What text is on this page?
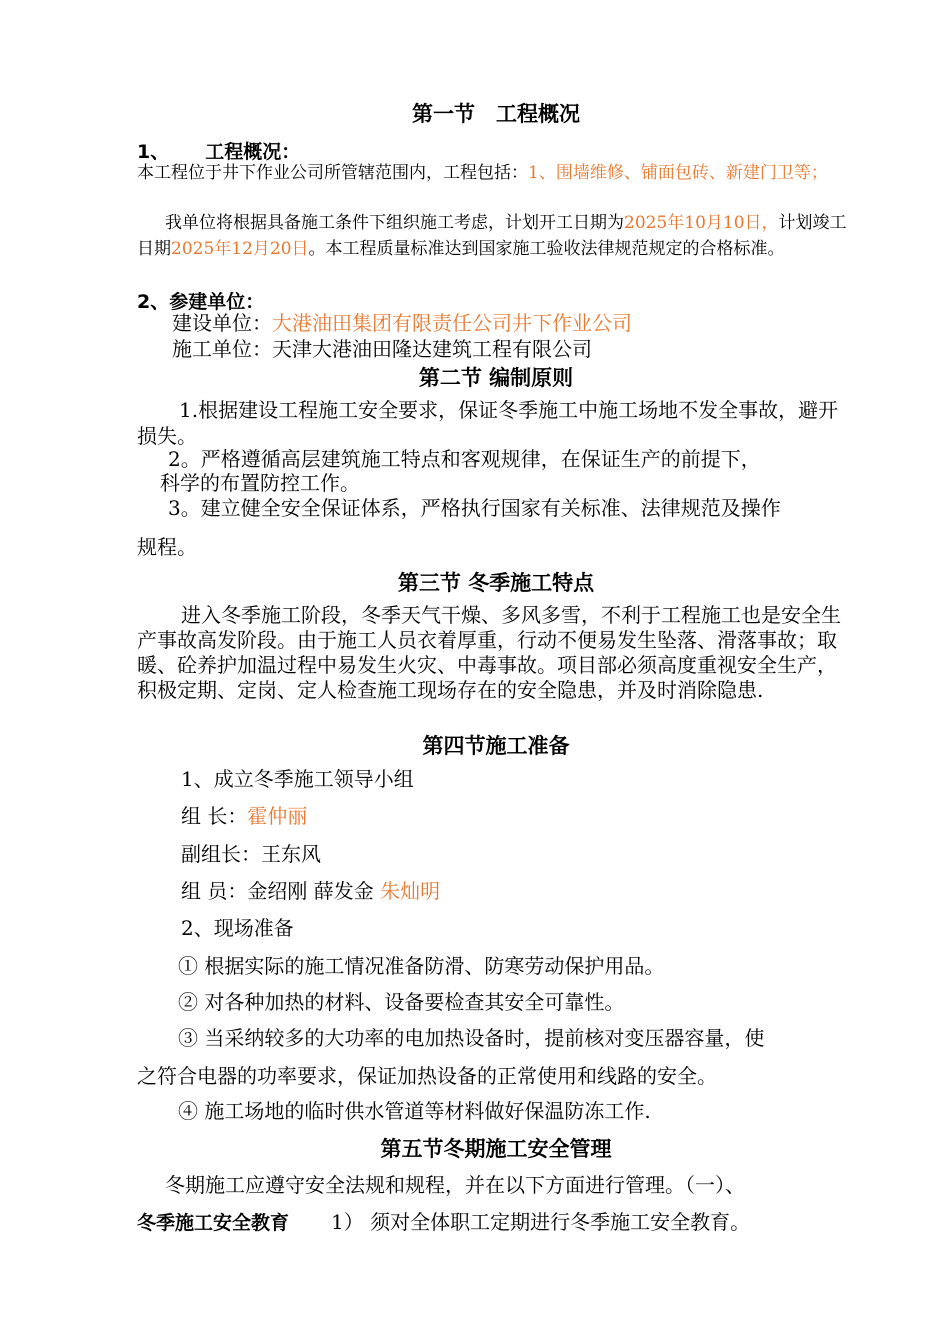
第一节　工程概况
1、 工程概况：
本工程位于井下作业公司所管辖范围内，工程包括：1、围墙维修、铺面包砖、新建门卫等；
我单位将根据具备施工条件下组织施工考虑，计划开工日期为2025年10月10日，计划竣工日期2025年12月20日。本工程质量标准达到国家施工验收法律规范规定的合格标准。
2、参建单位：
建设单位：大港油田集团有限责任公司井下作业公司
施工单位：天津大港油田隆达建筑工程有限公司
第二节 编制原则
1.根据建设工程施工安全要求，保证冬季施工中施工场地不发全事故，避开损失。
2。严格遵循高层建筑施工特点和客观规律，在保证生产的前提下，
科学的布置防控工作。
3。建立健全安全保证体系，严格执行国家有关标准、法律规范及操作
规程。
第三节 冬季施工特点
进入冬季施工阶段，冬季天气干燥、多风多雪，不利于工程施工也是安全生产事故高发阶段。由于施工人员衣着厚重，行动不便易发生坠落、滑落事故；取暖、砼养护加温过程中易发生火灾、中毒事故。项目部必须高度重视安全生产，积极定期、定岗、定人检查施工现场存在的安全隐患，并及时消除隐患.
第四节施工准备
1、成立冬季施工领导小组
组 长：霍仲丽
副组长：王东风
组 员：金绍刚 薛发金 朱灿明
2、现场准备
① 根据实际的施工情况准备防滑、防寒劳动保护用品。
② 对各种加热的材料、设备要检查其安全可靠性。
③ 当采纳较多的大功率的电加热设备时，提前核对变压器容量，使
之符合电器的功率要求，保证加热设备的正常使用和线路的安全。
④ 施工场地的临时供水管道等材料做好保温防冻工作.
第五节冬期施工安全管理
冬期施工应遵守安全法规和规程，并在以下方面进行管理。（一）、
冬季施工安全教育 1） 须对全体职工定期进行冬季施工安全教育。
